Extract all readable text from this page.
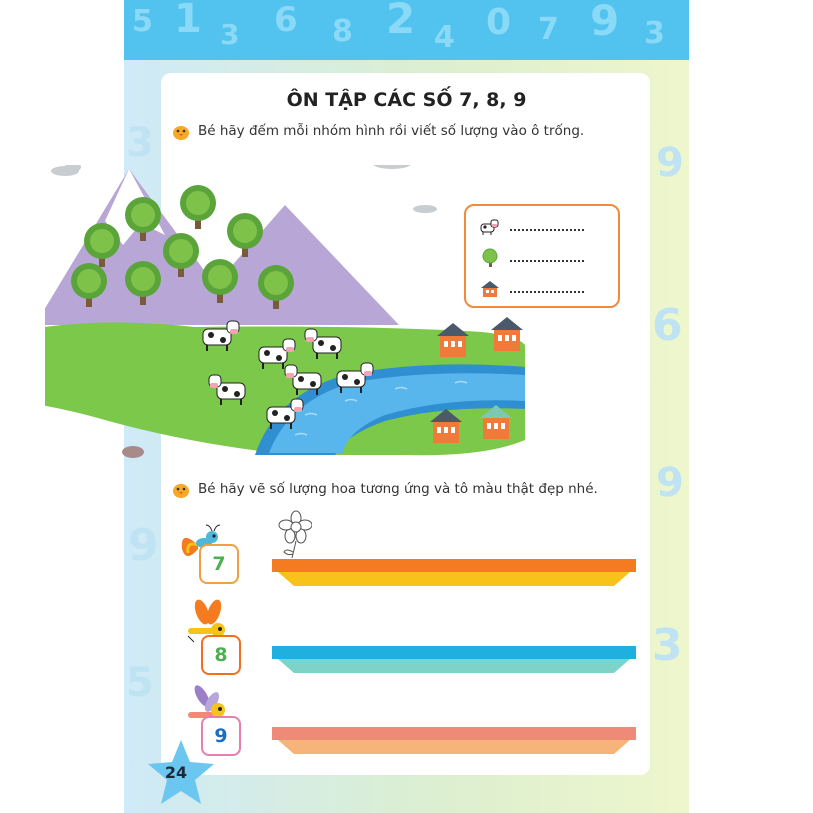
5 1 3 6 8 2 4 0 7 9 3
3
9
5
9
6
9
3
ÔN TẬP CÁC SỐ 7, 8, 9
Bé hãy đếm mỗi nhóm hình rồi viết số lượng vào ô trống.
Bé hãy vẽ số lượng hoa tương ứng và tô màu thật đẹp nhé.
7
8
9
24
